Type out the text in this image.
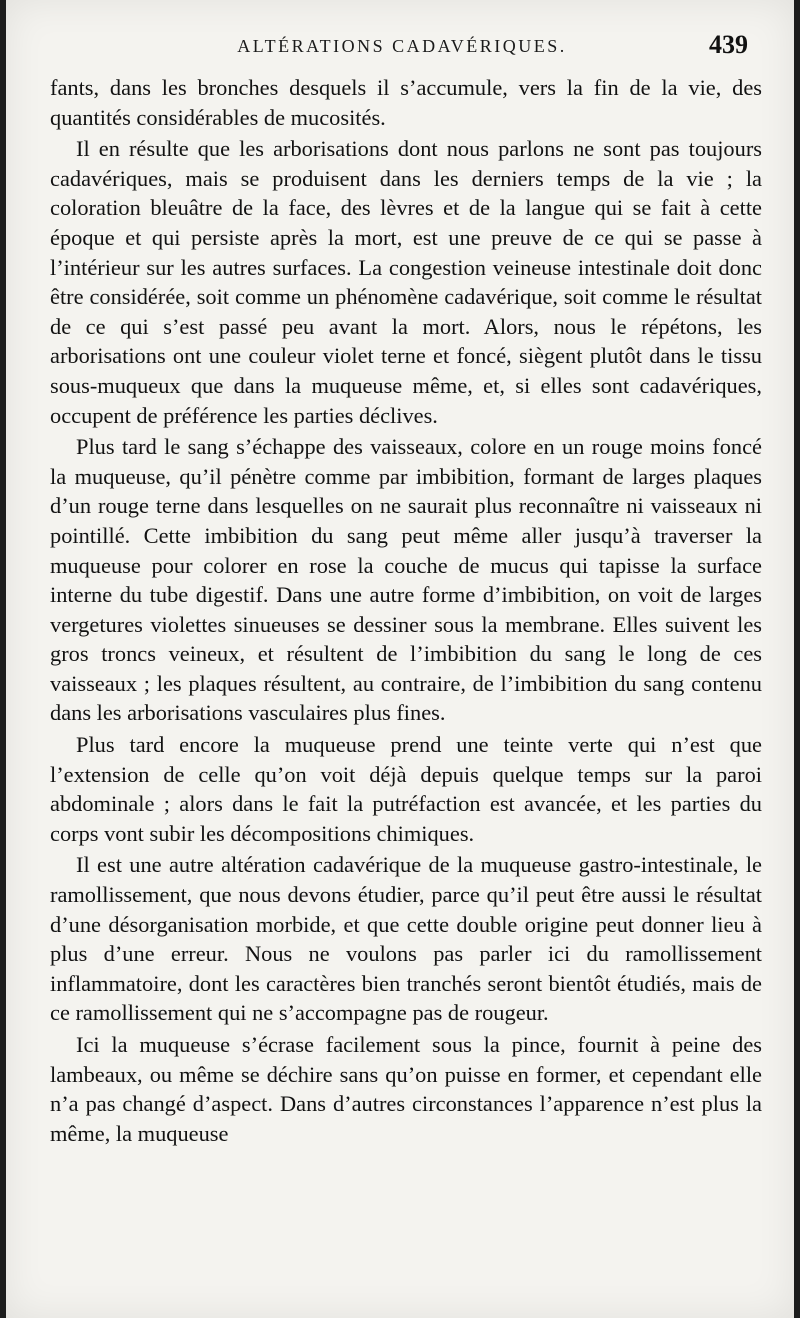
ALTÉRATIONS CADAVÉRIQUES.	439

fants, dans les bronches desquels il s’accumule, vers la fin de la vie, des quantités considérables de mucosités.

Il en résulte que les arborisations dont nous parlons ne sont pas toujours cadavériques, mais se produisent dans les derniers temps de la vie ; la coloration bleuâtre de la face, des lèvres et de la langue qui se fait à cette époque et qui persiste après la mort, est une preuve de ce qui se passe à l’intérieur sur les autres surfaces. La congestion veineuse intestinale doit donc être considérée, soit comme un phénomène cadavérique, soit comme le résultat de ce qui s’est passé peu avant la mort. Alors, nous le répétons, les arborisations ont une couleur violet terne et foncé, siègent plutôt dans le tissu sous-muqueux que dans la muqueuse même, et, si elles sont cadavériques, occupent de préférence les parties déclives.

Plus tard le sang s’échappe des vaisseaux, colore en un rouge moins foncé la muqueuse, qu’il pénètre comme par imbibition, formant de larges plaques d’un rouge terne dans lesquelles on ne saurait plus reconnaître ni vaisseaux ni pointillé. Cette imbibition du sang peut même aller jusqu’à traverser la muqueuse pour colorer en rose la couche de mucus qui tapisse la surface interne du tube digestif. Dans une autre forme d’imbibition, on voit de larges vergetures violettes sinueuses se dessiner sous la membrane. Elles suivent les gros troncs veineux, et résultent de l’imbibition du sang le long de ces vaisseaux ; les plaques résultent, au contraire, de l’imbibition du sang contenu dans les arborisations vasculaires plus fines.

Plus tard encore la muqueuse prend une teinte verte qui n’est que l’extension de celle qu’on voit déjà depuis quelque temps sur la paroi abdominale ; alors dans le fait la putréfaction est avancée, et les parties du corps vont subir les décompositions chimiques.

Il est une autre altération cadavérique de la muqueuse gastro-intestinale, le ramollissement, que nous devons étudier, parce qu’il peut être aussi le résultat d’une désorganisation morbide, et que cette double origine peut donner lieu à plus d’une erreur. Nous ne voulons pas parler ici du ramollissement inflammatoire, dont les caractères bien tranchés seront bientôt étudiés, mais de ce ramollissement qui ne s’accompagne pas de rougeur.

Ici la muqueuse s’écrase facilement sous la pince, fournit à peine des lambeaux, ou même se déchire sans qu’on puisse en former, et cependant elle n’a pas changé d’aspect. Dans d’autres circonstances l’apparence n’est plus la même, la muqueuse
